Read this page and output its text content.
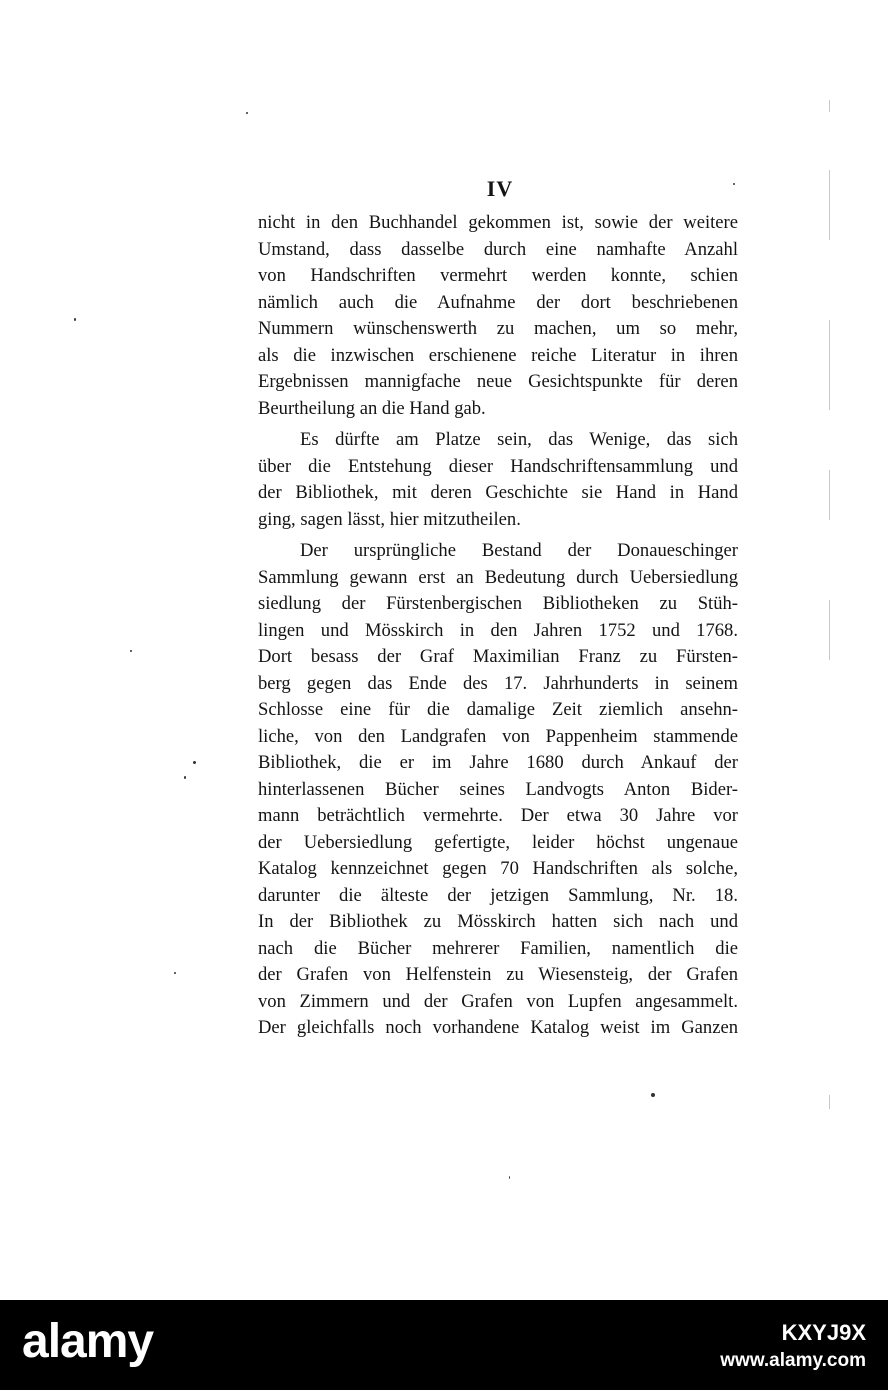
IV
nicht in den Buchhandel gekommen ist, sowie der weitere
Umstand, dass dasselbe durch eine namhafte Anzahl
von Handschriften vermehrt werden konnte, schien
nämlich auch die Aufnahme der dort beschriebenen
Nummern wünschenswerth zu machen, um so mehr,
als die inzwischen erschienene reiche Literatur in ihren
Ergebnissen mannigfache neue Gesichtspunkte für deren
Beurtheilung an die Hand gab.
Es dürfte am Platze sein, das Wenige, das sich
über die Entstehung dieser Handschriftensammlung und
der Bibliothek, mit deren Geschichte sie Hand in Hand
ging, sagen lässt, hier mitzutheilen.
Der ursprüngliche Bestand der Donaueschinger
Sammlung gewann erst an Bedeutung durch Uebersiedlung
siedlung der Fürstenbergischen Bibliotheken zu Stüh-
lingen und Mösskirch in den Jahren 1752 und 1768.
Dort besass der Graf Maximilian Franz zu Fürsten-
berg gegen das Ende des 17. Jahrhunderts in seinem
Schlosse eine für die damalige Zeit ziemlich ansehn-
liche, von den Landgrafen von Pappenheim stammende
Bibliothek, die er im Jahre 1680 durch Ankauf der
hinterlassenen Bücher seines Landvogts Anton Bider-
mann beträchtlich vermehrte. Der etwa 30 Jahre vor
der Uebersiedlung gefertigte, leider höchst ungenaue
Katalog kennzeichnet gegen 70 Handschriften als solche,
darunter die älteste der jetzigen Sammlung, Nr. 18.
In der Bibliothek zu Mösskirch hatten sich nach und
nach die Bücher mehrerer Familien, namentlich die
der Grafen von Helfenstein zu Wiesensteig, der Grafen
von Zimmern und der Grafen von Lupfen angesammelt.
Der gleichfalls noch vorhandene Katalog weist im Ganzen
alamy	KXYJ9X
www.alamy.com
